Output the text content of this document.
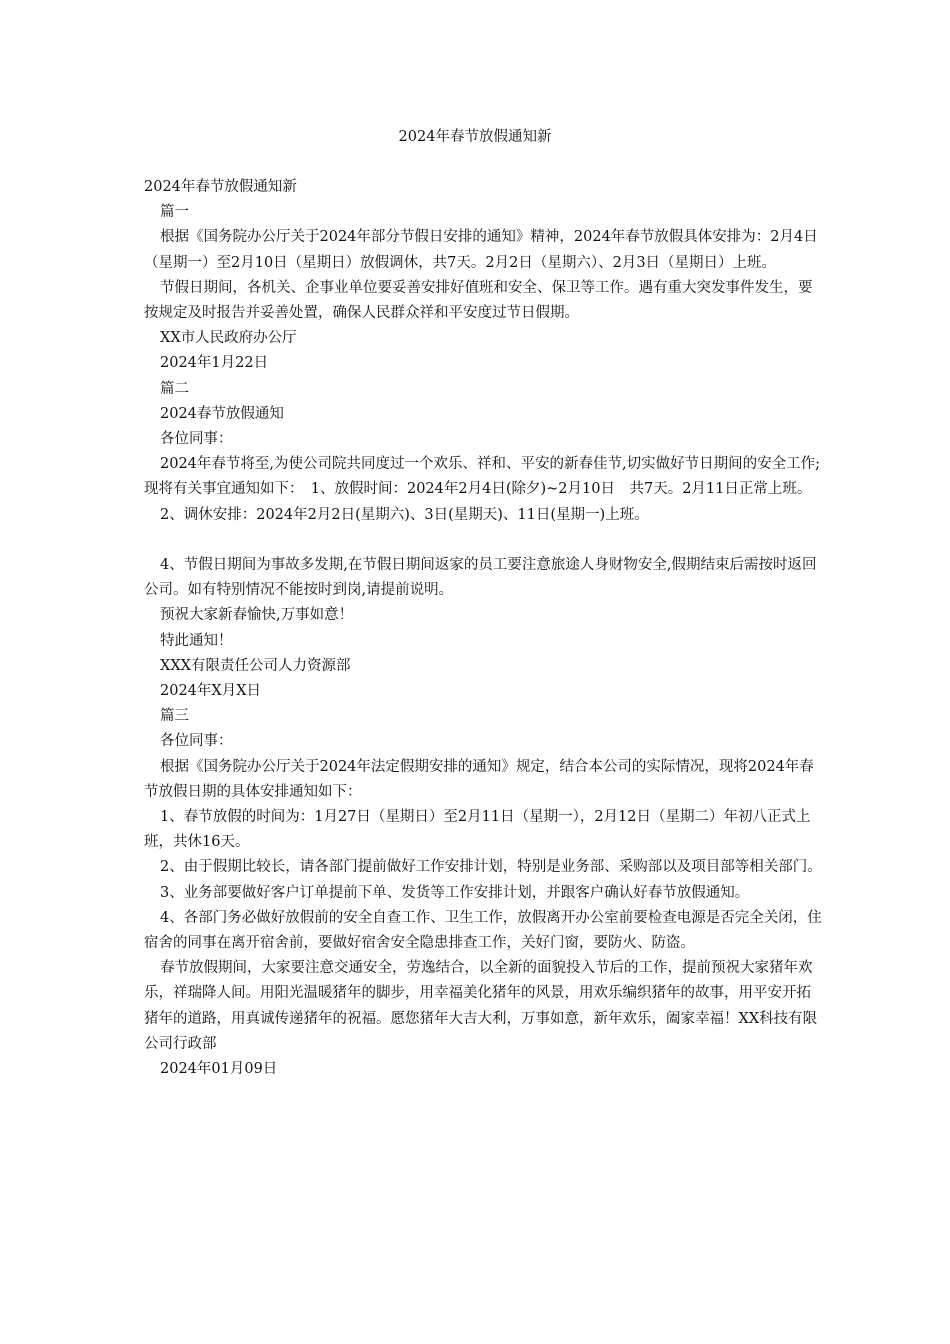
2024年春节放假通知新

2024年春节放假通知新

篇一

根据《国务院办公厅关于2024年部分节假日安排的通知》精神，2024年春节放假具体安排为：2月4日（星期一）至2月10日（星期日）放假调休，共7天。2月2日（星期六）、2月3日（星期日）上班。

节假日期间，各机关、企事业单位要妥善安排好值班和安全、保卫等工作。遇有重大突发事件发生，要按规定及时报告并妥善处置，确保人民群众祥和平安度过节日假期。

XX市人民政府办公厅

2024年1月22日

篇二

2024春节放假通知

各位同事：

2024年春节将至,为使公司院共同度过一个欢乐、祥和、平安的新春佳节,切实做好节日期间的安全工作;现将有关事宜通知如下：　1、放假时间：2024年2月4日(除夕)~2月10日　共7天。2月11日正常上班。

2、调休安排：2024年2月2日(星期六)、3日(星期天)、11日(星期一)上班。

4、节假日期间为事故多发期,在节假日期间返家的员工要注意旅途人身财物安全,假期结束后需按时返回公司。如有特别情况不能按时到岗,请提前说明。

预祝大家新春愉快,万事如意！

特此通知！

XXX有限责任公司人力资源部

2024年X月X日

篇三

各位同事：

根据《国务院办公厅关于2024年法定假期安排的通知》规定，结合本公司的实际情况，现将2024年春节放假日期的具体安排通知如下：

1、春节放假的时间为：1月27日（星期日）至2月11日（星期一），2月12日（星期二）年初八正式上班，共休16天。

2、由于假期比较长，请各部门提前做好工作安排计划，特别是业务部、采购部以及项目部等相关部门。

3、业务部要做好客户订单提前下单、发货等工作安排计划，并跟客户确认好春节放假通知。

4、各部门务必做好放假前的安全自查工作、卫生工作，放假离开办公室前要检查电源是否完全关闭，住宿舍的同事在离开宿舍前，要做好宿舍安全隐患排查工作，关好门窗，要防火、防盗。

春节放假期间，大家要注意交通安全，劳逸结合，以全新的面貌投入节后的工作，提前预祝大家猪年欢乐，祥瑞降人间。用阳光温暖猪年的脚步，用幸福美化猪年的风景，用欢乐编织猪年的故事，用平安开拓猪年的道路，用真诚传递猪年的祝福。愿您猪年大吉大利，万事如意，新年欢乐，阖家幸福！XX科技有限公司行政部

2024年01月09日
